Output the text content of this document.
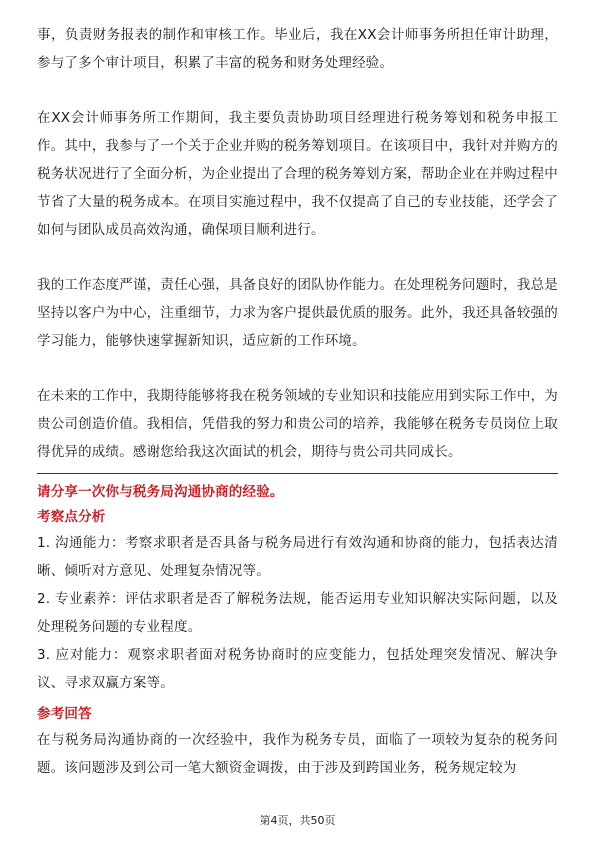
事，负责财务报表的制作和审核工作。毕业后，我在XX会计师事务所担任审计助理，参与了多个审计项目，积累了丰富的税务和财务处理经验。

在XX会计师事务所工作期间，我主要负责协助项目经理进行税务筹划和税务申报工作。其中，我参与了一个关于企业并购的税务筹划项目。在该项目中，我针对并购方的税务状况进行了全面分析，为企业提出了合理的税务筹划方案，帮助企业在并购过程中节省了大量的税务成本。在项目实施过程中，我不仅提高了自己的专业技能，还学会了如何与团队成员高效沟通，确保项目顺利进行。

我的工作态度严谨，责任心强，具备良好的团队协作能力。在处理税务问题时，我总是坚持以客户为中心，注重细节，力求为客户提供最优质的服务。此外，我还具备较强的学习能力，能够快速掌握新知识，适应新的工作环境。

在未来的工作中，我期待能够将我在税务领域的专业知识和技能应用到实际工作中，为贵公司创造价值。我相信，凭借我的努力和贵公司的培养，我能够在税务专员岗位上取得优异的成绩。感谢您给我这次面试的机会，期待与贵公司共同成长。

请分享一次你与税务局沟通协商的经验。

考察点分析

1. 沟通能力：考察求职者是否具备与税务局进行有效沟通和协商的能力，包括表达清晰、倾听对方意见、处理复杂情况等。

2. 专业素养：评估求职者是否了解税务法规，能否运用专业知识解决实际问题，以及处理税务问题的专业程度。

3. 应对能力：观察求职者面对税务协商时的应变能力，包括处理突发情况、解决争议、寻求双赢方案等。

参考回答

在与税务局沟通协商的一次经验中，我作为税务专员，面临了一项较为复杂的税务问题。该问题涉及到公司一笔大额资金调拨，由于涉及到跨国业务，税务规定较为

第4页，共50页
